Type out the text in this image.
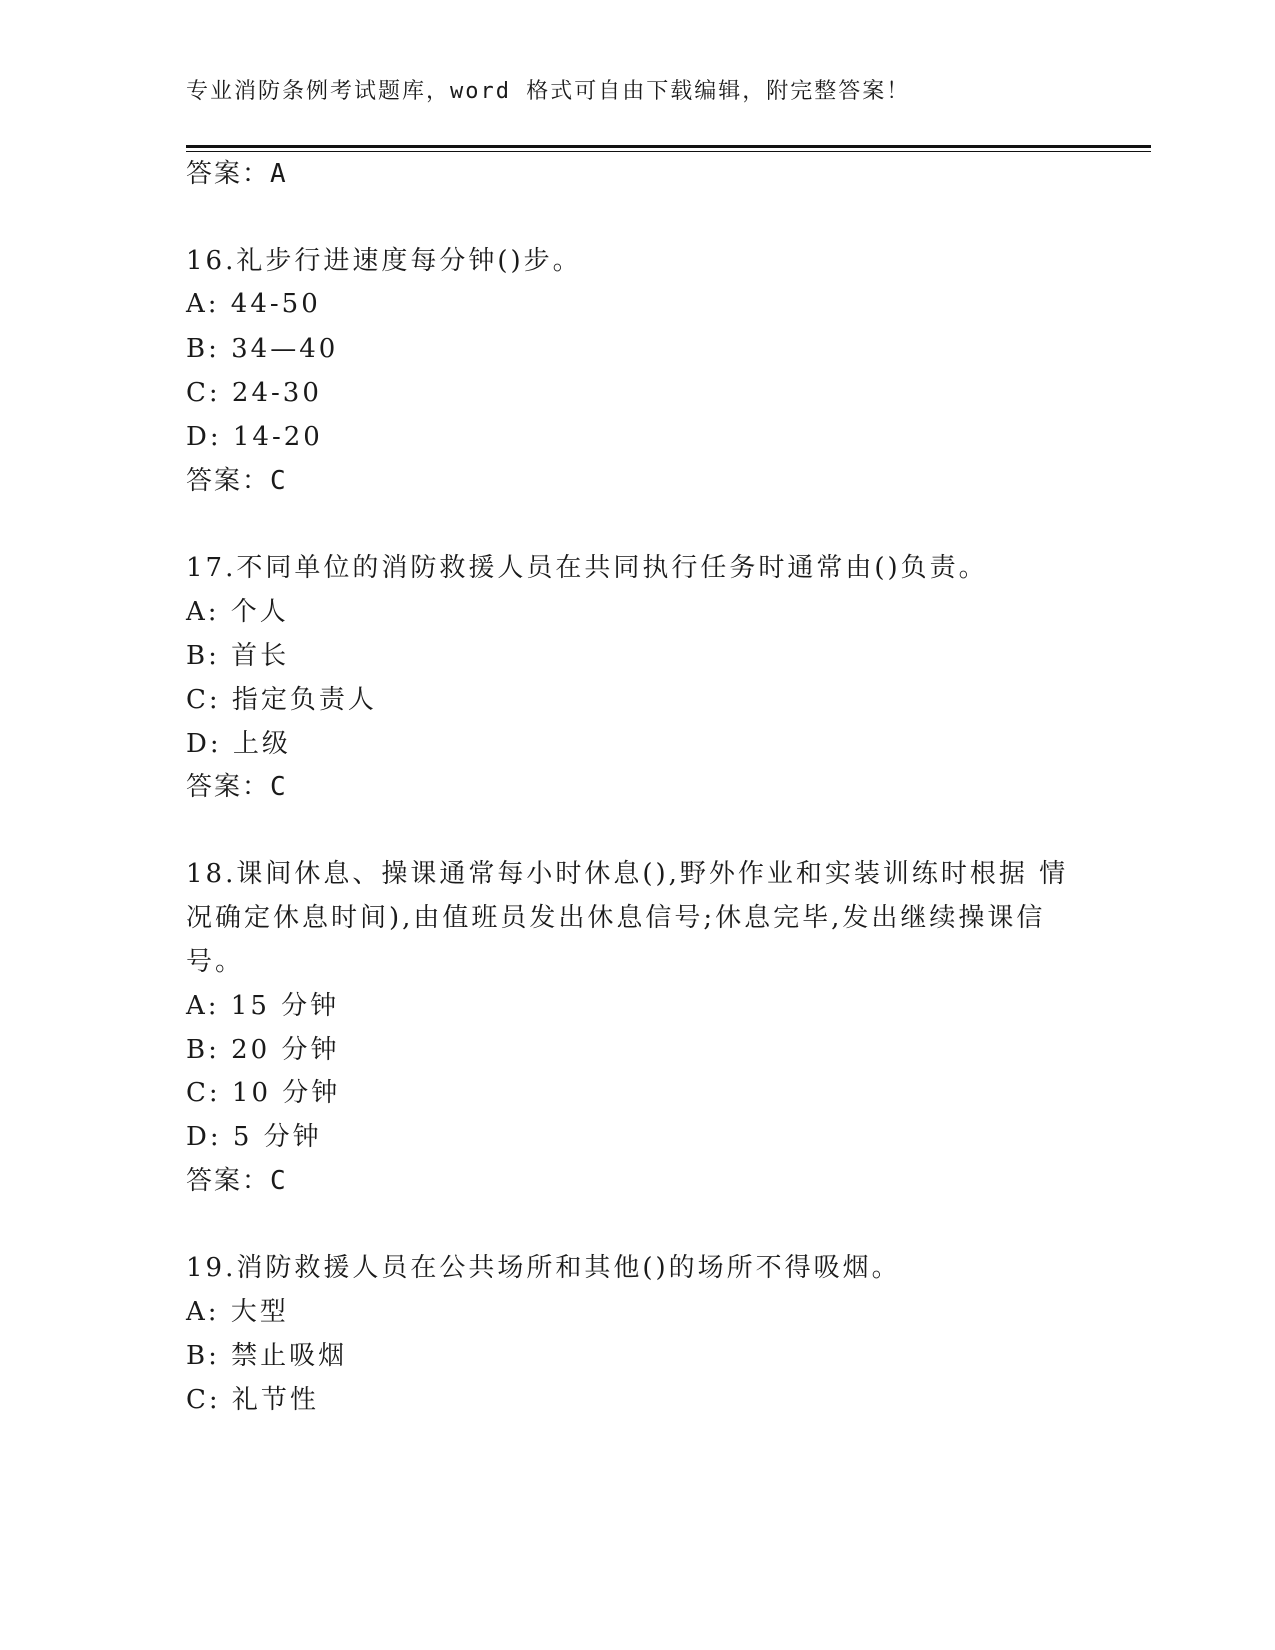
专业消防条例考试题库，word 格式可自由下载编辑，附完整答案！
答案：A
16.礼步行进速度每分钟()步。
A: 44-50
B: 34—40
C: 24-30
D: 14-20
答案：C
17.不同单位的消防救援人员在共同执行任务时通常由()负责。
A: 个人
B: 首长
C: 指定负责人
D: 上级
答案：C
18.课间休息、操课通常每小时休息(),野外作业和实装训练时根据 情
况确定休息时间),由值班员发出休息信号;休息完毕,发出继续操课信
号。
A: 15 分钟
B: 20 分钟
C: 10 分钟
D: 5 分钟
答案：C
19.消防救援人员在公共场所和其他()的场所不得吸烟。
A: 大型
B: 禁止吸烟
C: 礼节性
